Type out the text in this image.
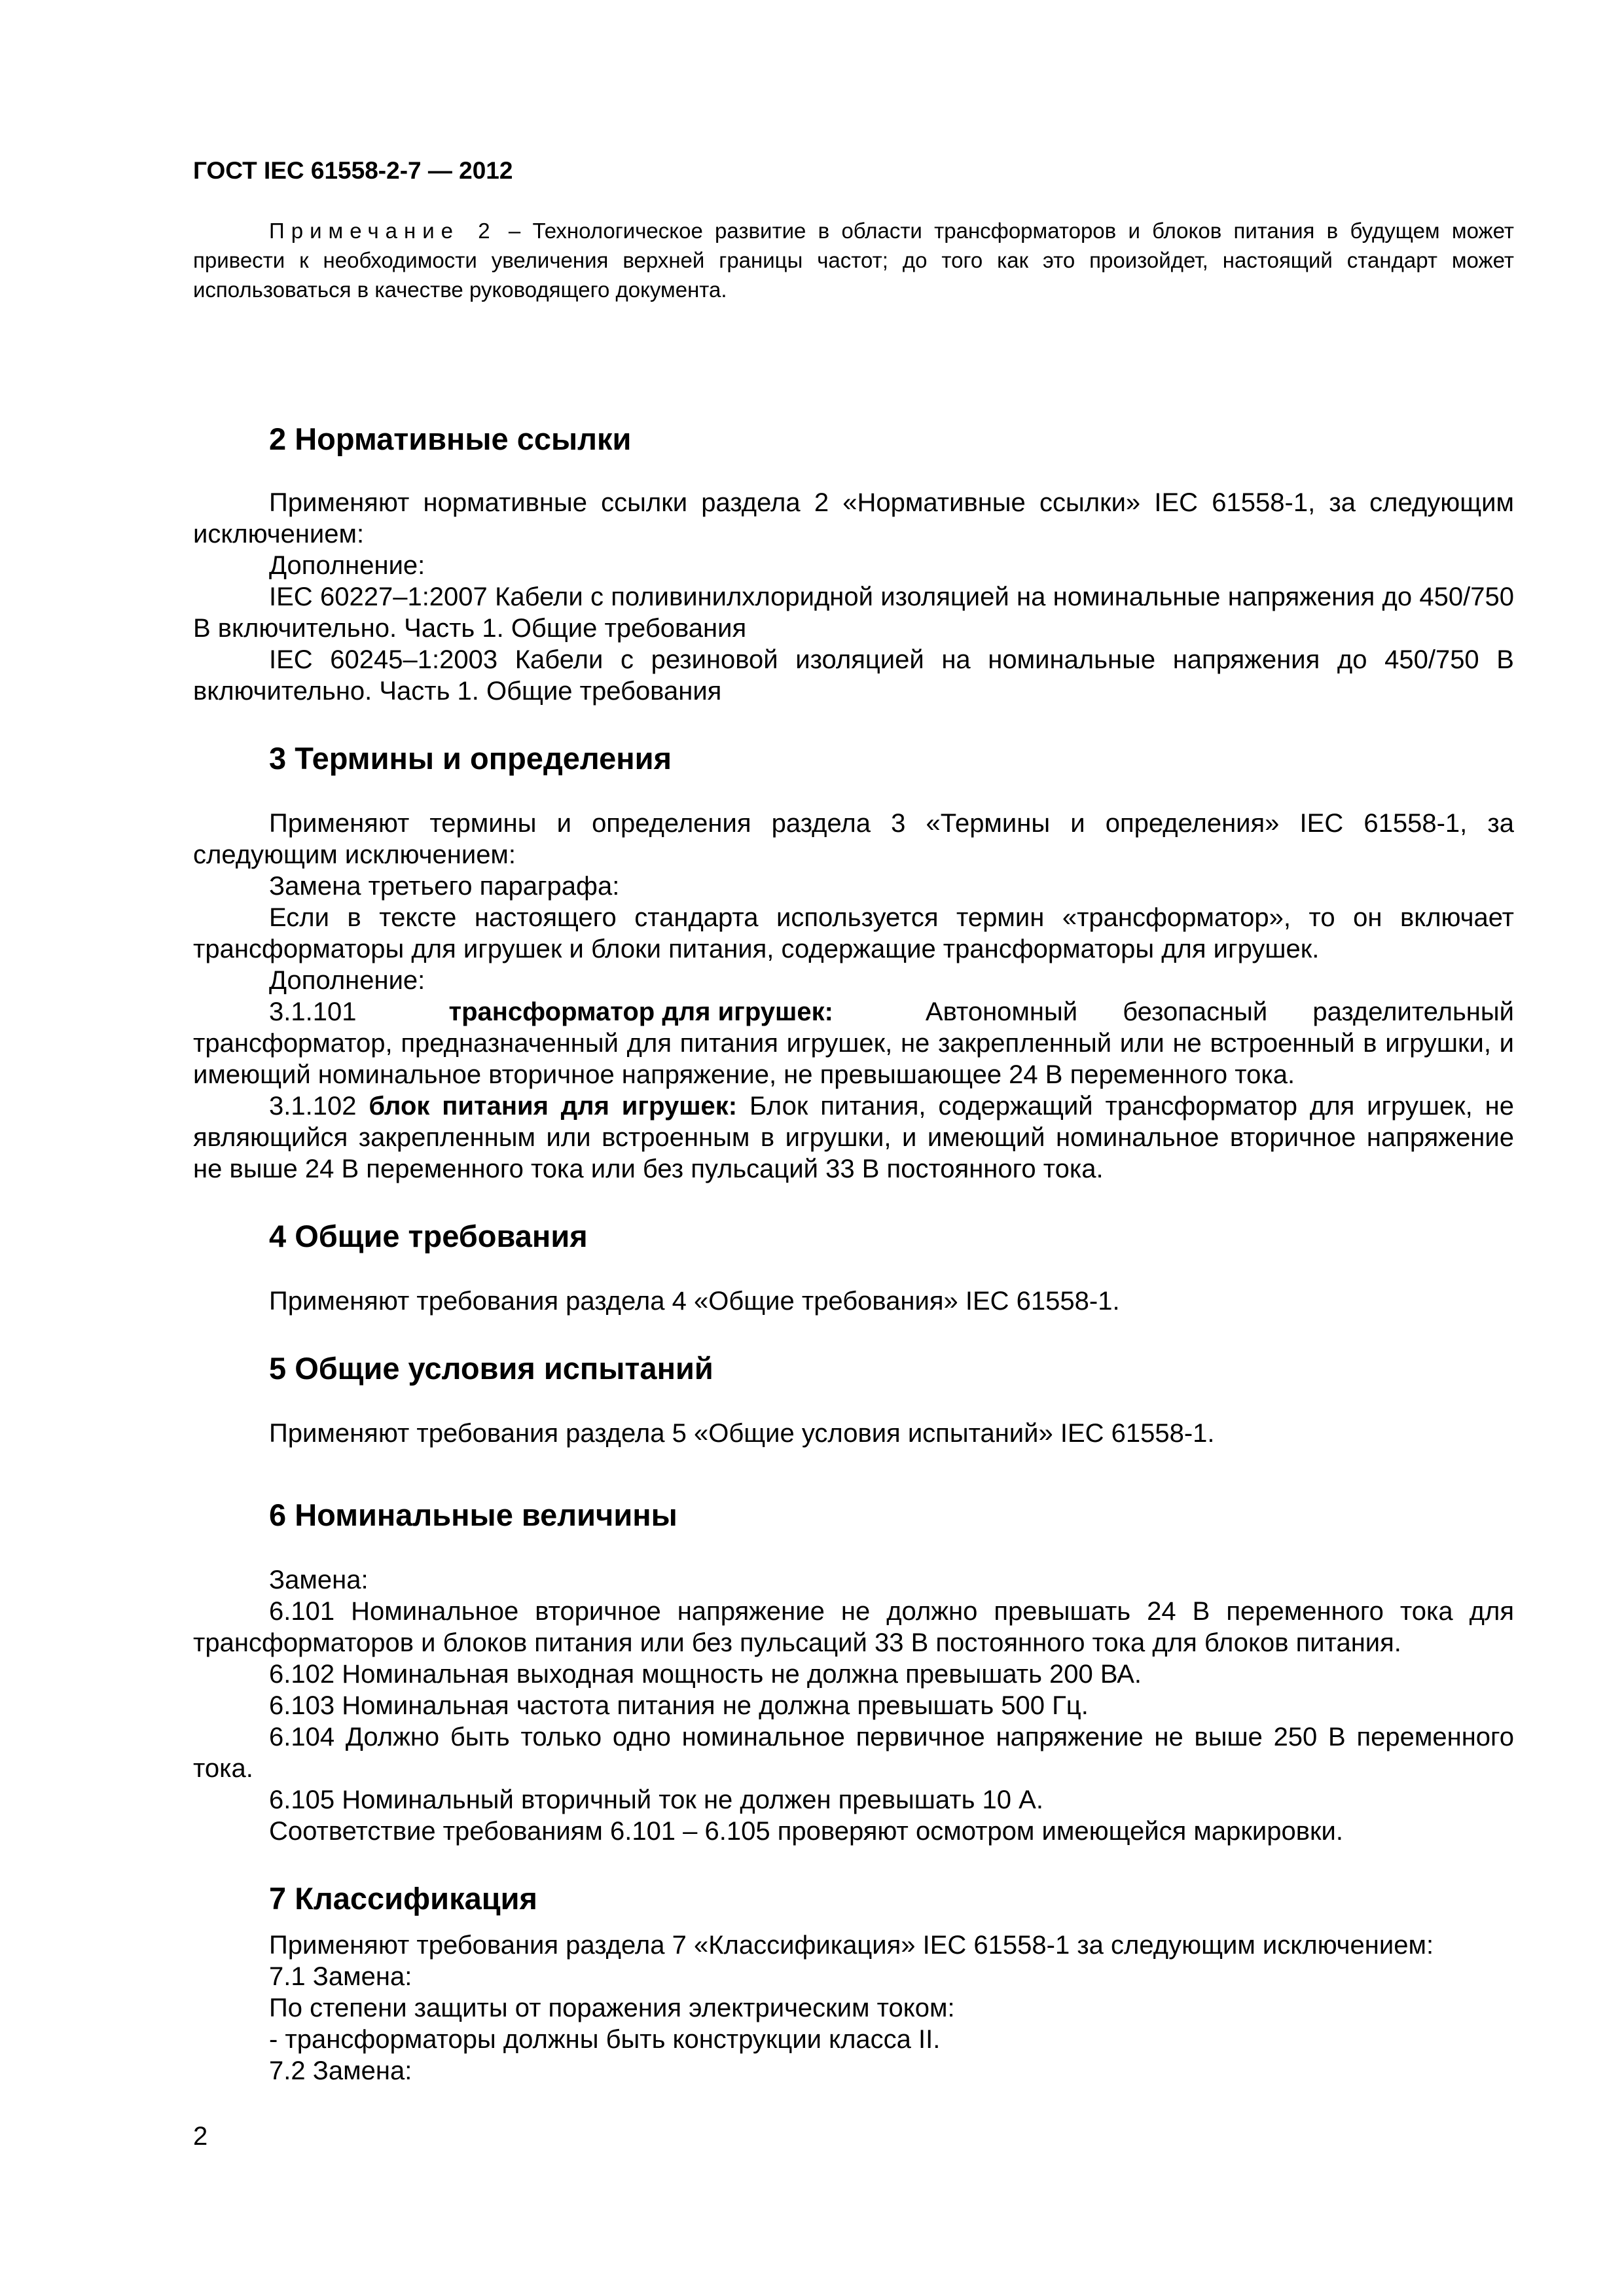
ГОСТ IEC 61558-2-7 — 2012
Примечание 2 – Технологическое развитие в области трансформаторов и блоков питания в будущем может привести к необходимости увеличения верхней границы частот; до того как это произойдет, настоящий стандарт может использоваться в качестве руководящего документа.
2 Нормативные ссылки

Применяют нормативные ссылки раздела 2 «Нормативные ссылки» IEC 61558-1, за следующим исключением:

Дополнение:

IEC 60227–1:2007 Кабели с поливинилхлоридной изоляцией на номинальные напряжения до 450/750 В включительно. Часть 1. Общие требования

IEC 60245–1:2003 Кабели с резиновой изоляцией на номинальные напряжения до 450/750 В включительно. Часть 1. Общие требования

3 Термины и определения

Применяют термины и определения раздела 3 «Термины и определения» IEC 61558-1, за следующим исключением:

Замена третьего параграфа:

Если в тексте настоящего стандарта используется термин «трансформатор», то он включает трансформаторы для игрушек и блоки питания, содержащие трансформаторы для игрушек.

Дополнение:

3.1.101	трансформатор для игрушек:	Автономный безопасный разделительный

трансформатор, предназначенный для питания игрушек, не закрепленный или не встроенный в игрушки, и имеющий номинальное вторичное напряжение, не превышающее 24 В переменного тока.

3.1.102 блок питания для игрушек: Блок питания, содержащий трансформатор для игрушек, не являющийся закрепленным или встроенным в игрушки, и имеющий номинальное вторичное напряжение не выше 24 В переменного тока или без пульсаций 33 В постоянного тока.

4 Общие требования

Применяют требования раздела 4 «Общие требования» IEC 61558-1.

5 Общие условия испытаний

Применяют требования раздела 5 «Общие условия испытаний» IEC 61558-1.

6 Номинальные величины

Замена:

6.101 Номинальное вторичное напряжение не должно превышать 24 В переменного тока для трансформаторов и блоков питания или без пульсаций 33 В постоянного тока для блоков питания.

6.102 Номинальная выходная мощность не должна превышать 200 ВА.

6.103 Номинальная частота питания не должна превышать 500 Гц.

6.104 Должно быть только одно номинальное первичное напряжение не выше 250 В переменного тока.

6.105 Номинальный вторичный ток не должен превышать 10 А.

Соответствие требованиям 6.101 – 6.105 проверяют осмотром имеющейся маркировки.

7 Классификация

Применяют требования раздела 7 «Классификация» IEC 61558-1 за следующим исключением:

7.1 Замена:

По степени защиты от поражения электрическим током:

- трансформаторы должны быть конструкции класса II.

7.2 Замена:

2
